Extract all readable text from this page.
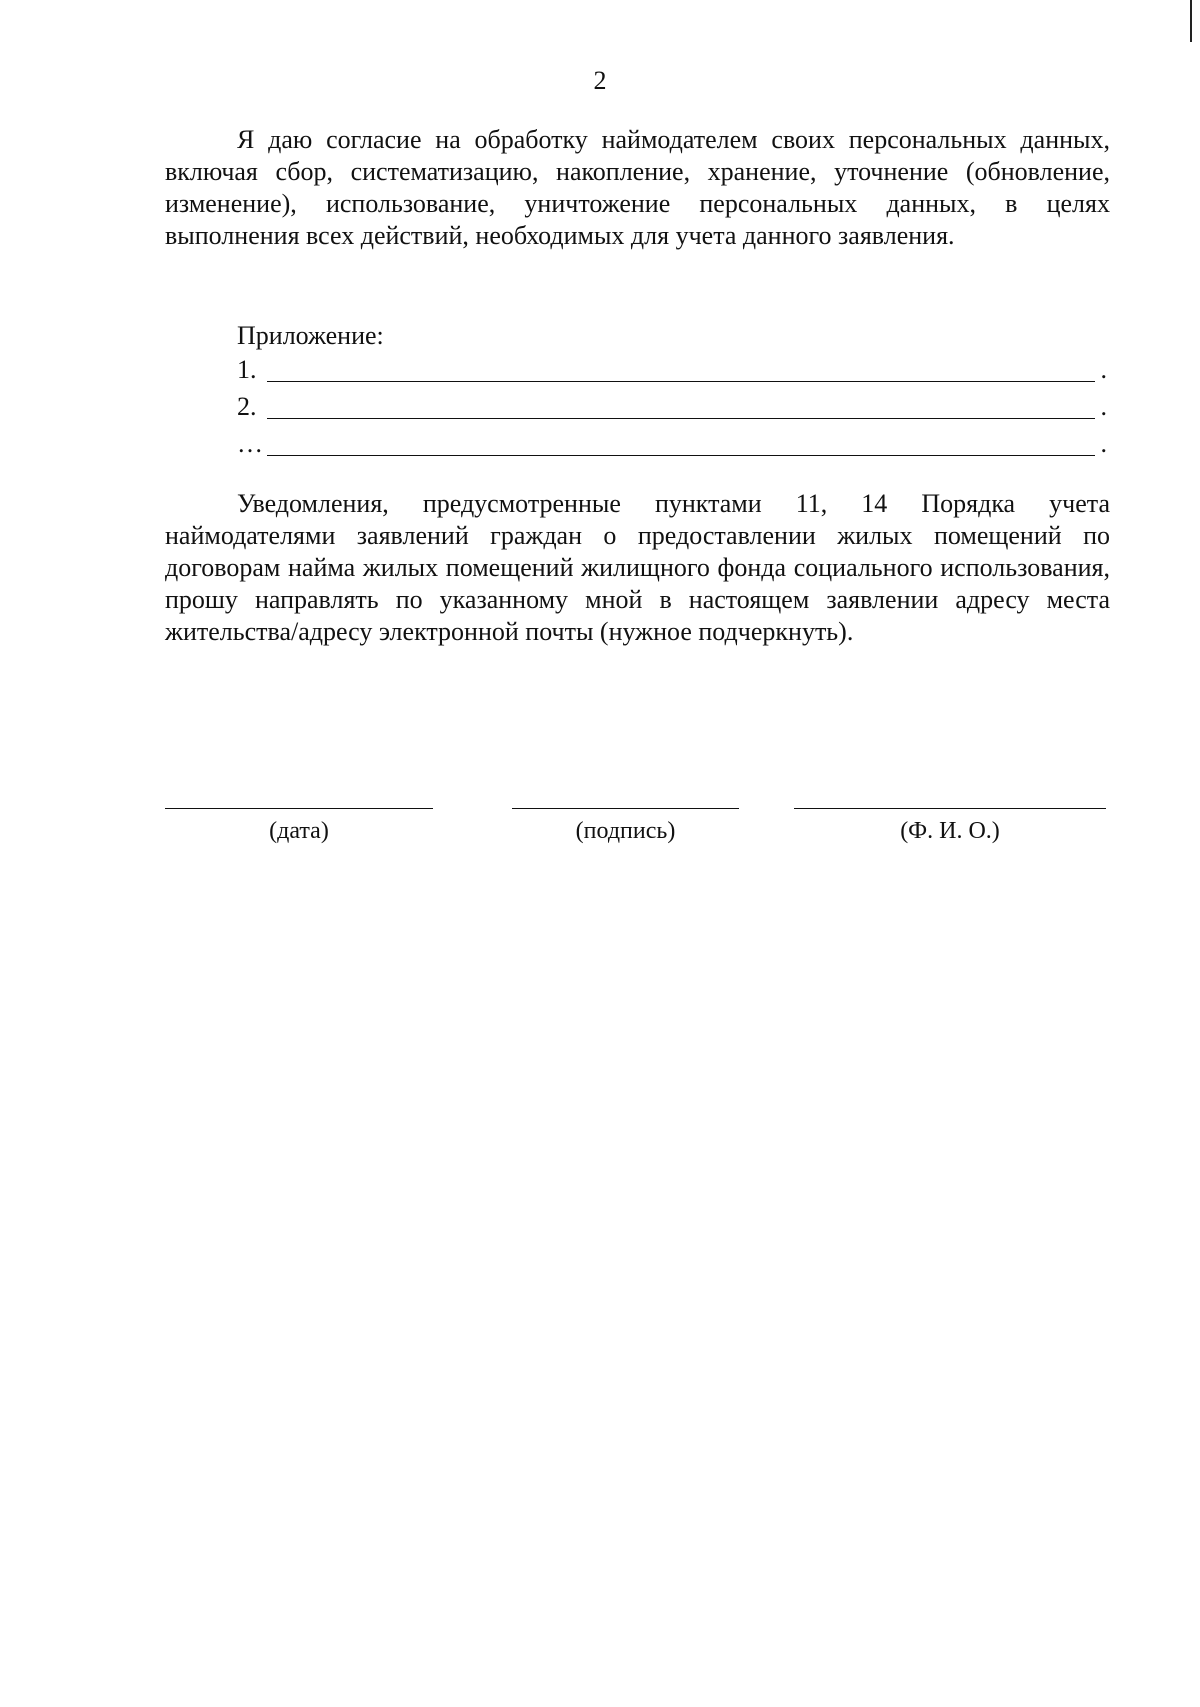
2
Я даю согласие на обработку наймодателем своих персональных данных, включая сбор, систематизацию, накопление, хранение, уточнение (обновление, изменение), использование, уничтожение персональных данных, в целях выполнения всех действий, необходимых для учета данного заявления.
Приложение:
1.	.
2.	.
…	.
Уведомления, предусмотренные пунктами 11, 14 Порядка учета наймодателями заявлений граждан о предоставлении жилых помещений по договорам найма жилых помещений жилищного фонда социального использования, прошу направлять по указанному мной в настоящем заявлении адресу места жительства/адресу электронной почты (нужное подчеркнуть).
(дата)	(подпись)	(Ф. И. О.)
